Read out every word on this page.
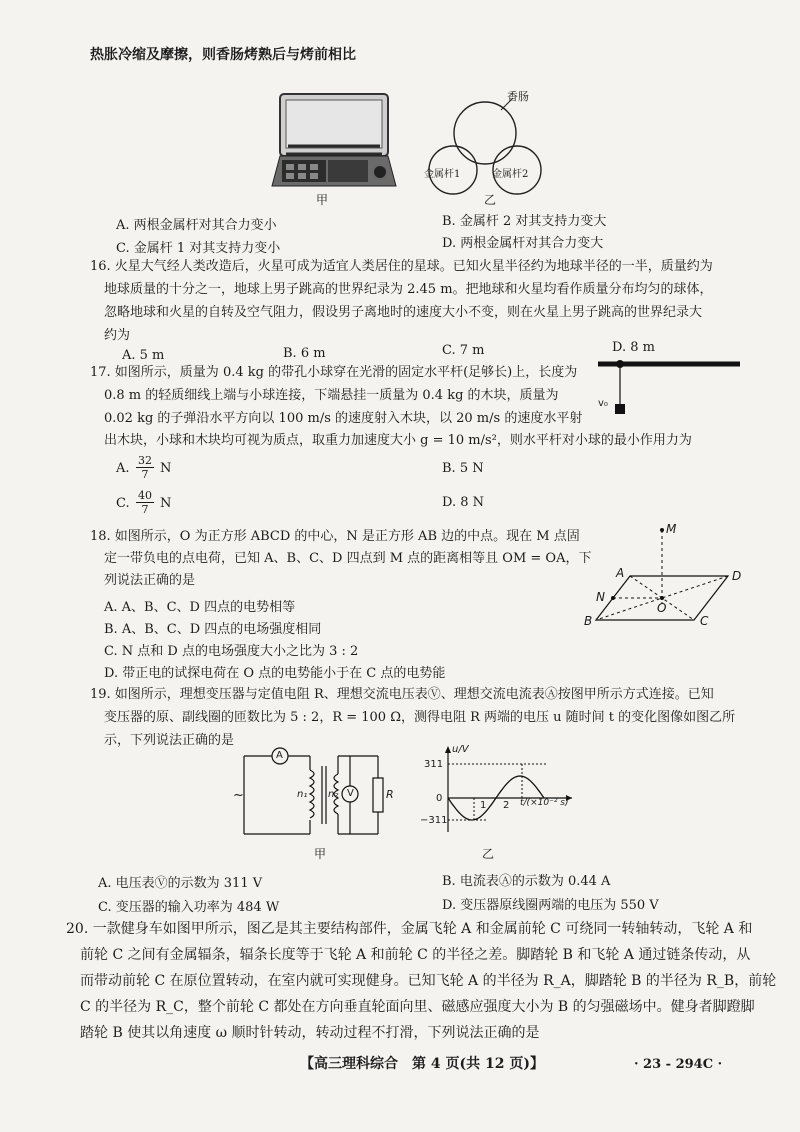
热胀冷缩及摩擦，则香肠烤熟后与烤前相比
甲
香肠
金属杆1	金属杆2
乙
A. 两根金属杆对其合力变小	B. 金属杆 2 对其支持力变大
C. 金属杆 1 对其支持力变小	D. 两根金属杆对其合力变大
16. 火星大气经人类改造后，火星可成为适宜人类居住的星球。已知火星半径约为地球半径的一半，质量约为
地球质量的十分之一，地球上男子跳高的世界纪录为 2.45 m。把地球和火星均看作质量分布均匀的球体，
忽略地球和火星的自转及空气阻力，假设男子离地时的速度大小不变，则在火星上男子跳高的世界纪录大
约为
A. 5 m	B. 6 m	C. 7 m	D. 8 m
17. 如图所示，质量为 0.4 kg 的带孔小球穿在光滑的固定水平杆(足够长)上，长度为
0.8 m 的轻质细线上端与小球连接，下端悬挂一质量为 0.4 kg 的木块，质量为
0.02 kg 的子弹沿水平方向以 100 m/s 的速度射入木块，以 20 m/s 的速度水平射
出木块，小球和木块均可视为质点，取重力加速度大小 g = 10 m/s²，则水平杆对小球的最小作用力为
v₀
A. $\frac{32}{7}$ N	B. 5 N
C. $\frac{40}{7}$ N	D. 8 N
18. 如图所示，O 为正方形 ABCD 的中心，N 是正方形 AB 边的中点。现在 M 点固
定一带负电的点电荷，已知 A、B、C、D 四点到 M 点的距离相等且 OM = OA，下
列说法正确的是
A. A、B、C、D 四点的电势相等
B. A、B、C、D 四点的电场强度相同
C. N 点和 D 点的电场强度大小之比为 3 : 2
D. 带正电的试探电荷在 O 点的电势能小于在 C 点的电势能
M
A	D
N
O
B	C
19. 如图所示，理想变压器与定值电阻 R、理想交流电压表Ⓥ、理想交流电流表Ⓐ按图甲所示方式连接。已知
变压器的原、副线圈的匝数比为 5 : 2，R = 100 Ω，测得电阻 R 两端的电压 u 随时间 t 的变化图像如图乙所
示，下列说法正确的是
A
V
~	n₁ n₂	R
甲
u/V
311
0
−311
1 2 t/(×10⁻² s)
乙
A. 电压表Ⓥ的示数为 311 V	B. 电流表Ⓐ的示数为 0.44 A
C. 变压器的输入功率为 484 W	D. 变压器原线圈两端的电压为 550 V
20. 一款健身车如图甲所示，图乙是其主要结构部件，金属飞轮 A 和金属前轮 C 可绕同一转轴转动，飞轮 A 和
前轮 C 之间有金属辐条，辐条长度等于飞轮 A 和前轮 C 的半径之差。脚踏轮 B 和飞轮 A 通过链条传动，从
而带动前轮 C 在原位置转动，在室内就可实现健身。已知飞轮 A 的半径为 R_A，脚踏轮 B 的半径为 R_B，前轮
C 的半径为 R_C，整个前轮 C 都处在方向垂直轮面向里、磁感应强度大小为 B 的匀强磁场中。健身者脚蹬脚
踏轮 B 使其以角速度 ω 顺时针转动，转动过程不打滑，下列说法正确的是
【高三理科综合　第 4 页(共 12 页)】	· 23 - 294C ·
